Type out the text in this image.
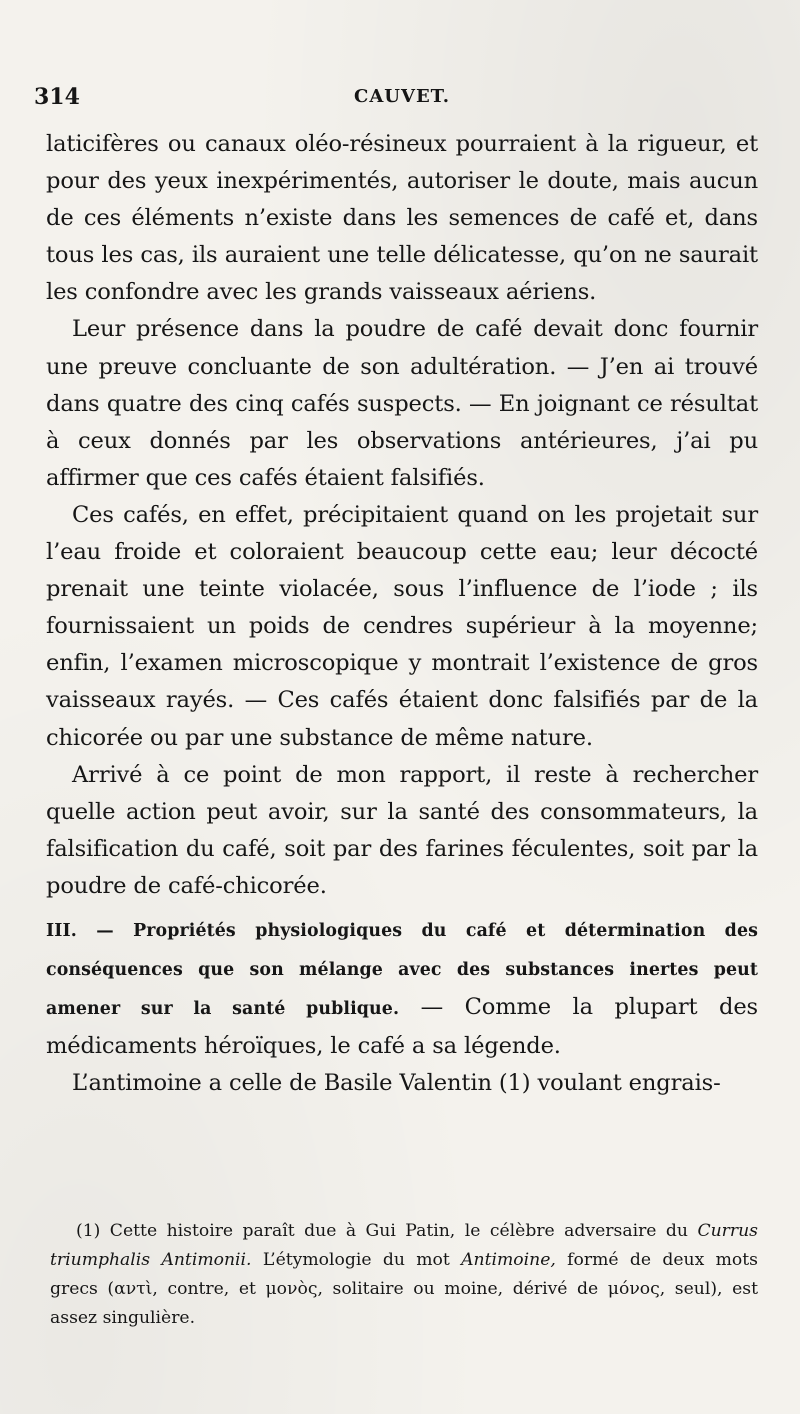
314	CAUVET.

laticifères ou canaux oléo-résineux pourraient à la rigueur, et pour des yeux inexpérimentés, autoriser le doute, mais aucun de ces éléments n’existe dans les semences de café et, dans tous les cas, ils auraient une telle délicatesse, qu’on ne saurait les confondre avec les grands vaisseaux aériens.

Leur présence dans la poudre de café devait donc fournir une preuve concluante de son adultération. — J’en ai trouvé dans quatre des cinq cafés suspects. — En joignant ce résultat à ceux donnés par les observations antérieures, j’ai pu affirmer que ces cafés étaient falsifiés.

Ces cafés, en effet, précipitaient quand on les projetait sur l’eau froide et coloraient beaucoup cette eau; leur décocté prenait une teinte violacée, sous l’influence de l’iode ; ils fournissaient un poids de cendres supérieur à la moyenne; enfin, l’examen microscopique y montrait l’existence de gros vaisseaux rayés. — Ces cafés étaient donc falsifiés par de la chicorée ou par une substance de même nature.

Arrivé à ce point de mon rapport, il reste à rechercher quelle action peut avoir, sur la santé des consommateurs, la falsification du café, soit par des farines féculentes, soit par la poudre de café-chicorée.

III. — Propriétés physiologiques du café et détermination des conséquences que son mélange avec des substances inertes peut amener sur la santé publique. — Comme la plupart des médicaments héroïques, le café a sa légende.

L’antimoine a celle de Basile Valentin (1) voulant engrais-

(1) Cette histoire paraît due à Gui Patin, le célèbre adversaire du Currus triumphalis Antimonii. L’étymologie du mot Antimoine, formé de deux mots grecs (αντὶ, contre, et μονὸς, solitaire ou moine, dérivé de μόνος, seul), est assez singulière.
